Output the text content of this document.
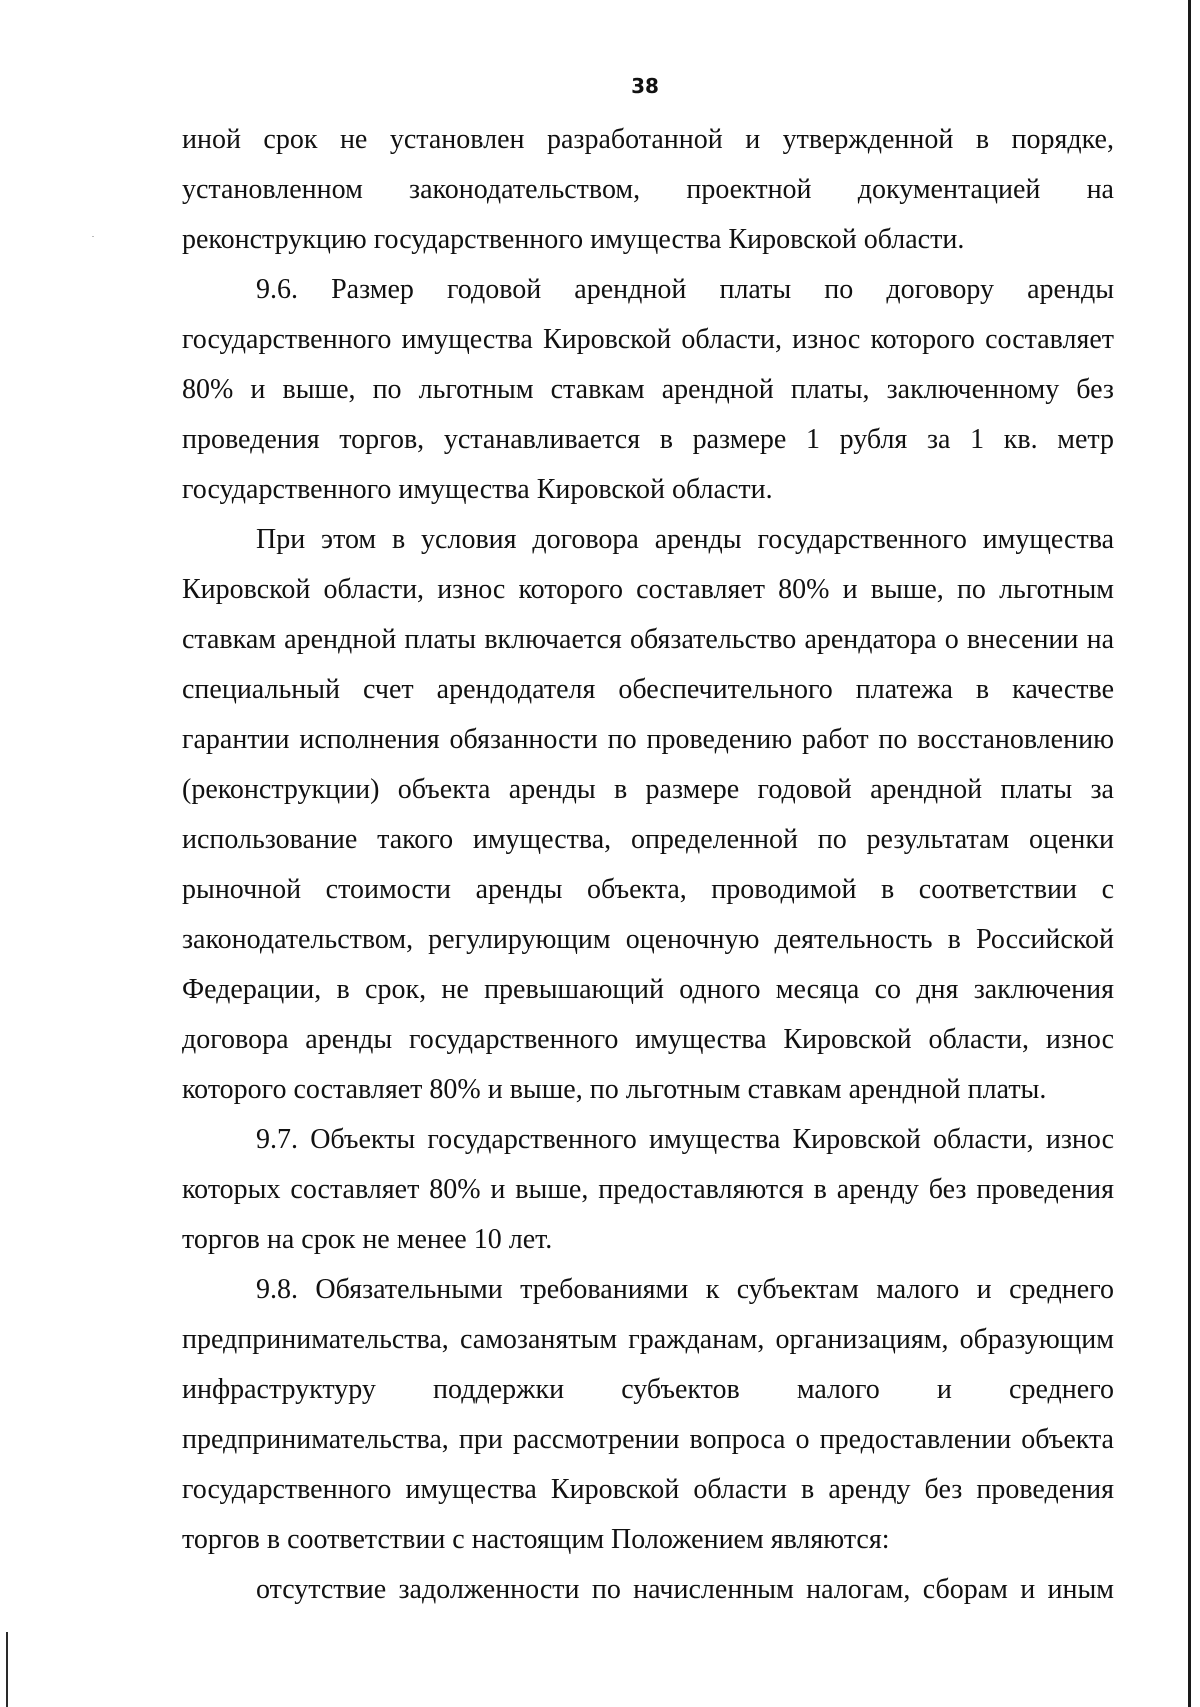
38
иной срок не установлен разработанной и утвержденной в порядке,
установленном законодательством, проектной документацией на
реконструкцию государственного имущества Кировской области.
9.6. Размер годовой арендной платы по договору аренды
государственного имущества Кировской области, износ которого составляет
80% и выше, по льготным ставкам арендной платы, заключенному без
проведения торгов, устанавливается в размере 1 рубля за 1 кв. метр
государственного имущества Кировской области.
При этом в условия договора аренды государственного имущества
Кировской области, износ которого составляет 80% и выше, по льготным
ставкам арендной платы включается обязательство арендатора о внесении на
специальный счет арендодателя обеспечительного платежа в качестве
гарантии исполнения обязанности по проведению работ по восстановлению
(реконструкции) объекта аренды в размере годовой арендной платы за
использование такого имущества, определенной по результатам оценки
рыночной стоимости аренды объекта, проводимой в соответствии с
законодательством, регулирующим оценочную деятельность в Российской
Федерации, в срок, не превышающий одного месяца со дня заключения
договора аренды государственного имущества Кировской области, износ
которого составляет 80% и выше, по льготным ставкам арендной платы.
9.7. Объекты государственного имущества Кировской области, износ
которых составляет 80% и выше, предоставляются в аренду без проведения
торгов на срок не менее 10 лет.
9.8. Обязательными требованиями к субъектам малого и среднего
предпринимательства, самозанятым гражданам, организациям, образующим
инфраструктуру поддержки субъектов малого и среднего
предпринимательства, при рассмотрении вопроса о предоставлении объекта
государственного имущества Кировской области в аренду без проведения
торгов в соответствии с настоящим Положением являются:
отсутствие задолженности по начисленным налогам, сборам и иным
